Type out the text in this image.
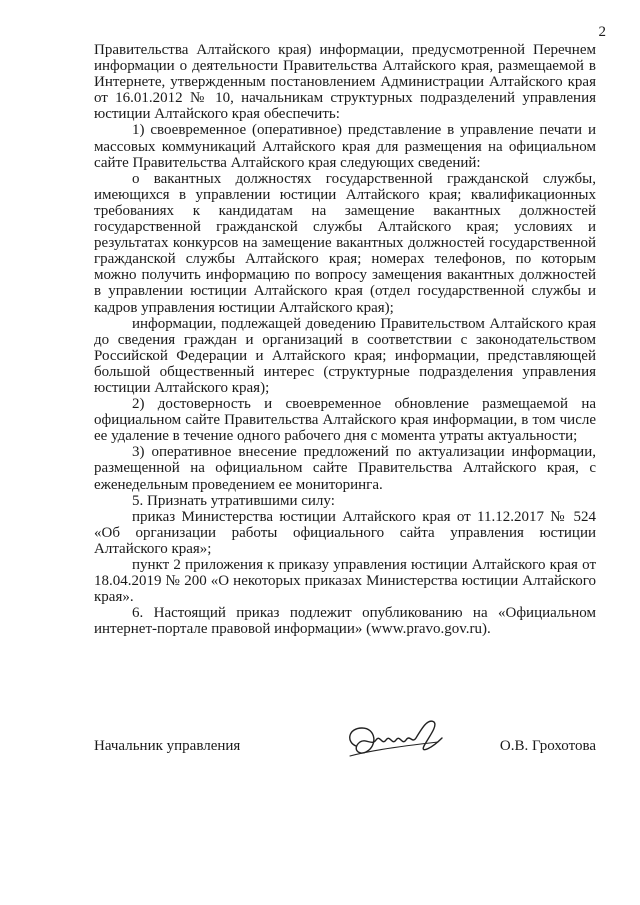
2

Правительства Алтайского края) информации, предусмотренной Перечнем информации о деятельности Правительства Алтайского края, размещаемой в Интернете, утвержденным постановлением Администрации Алтайского края от 16.01.2012 № 10, начальникам структурных подразделений управления юстиции Алтайского края обеспечить:

1) своевременное (оперативное) представление в управление печати и массовых коммуникаций Алтайского края для размещения на официальном сайте Правительства Алтайского края следующих сведений:

о вакантных должностях государственной гражданской службы, имеющихся в управлении юстиции Алтайского края; квалификационных требованиях к кандидатам на замещение вакантных должностей государственной гражданской службы Алтайского края; условиях и результатах конкурсов на замещение вакантных должностей государственной гражданской службы Алтайского края; номерах телефонов, по которым можно получить информацию по вопросу замещения вакантных должностей в управлении юстиции Алтайского края (отдел государственной службы и кадров управления юстиции Алтайского края);

информации, подлежащей доведению Правительством Алтайского края до сведения граждан и организаций в соответствии с законодательством Российской Федерации и Алтайского края; информации, представляющей большой общественный интерес (структурные подразделения управления юстиции Алтайского края);

2) достоверность и своевременное обновление размещаемой на официальном сайте Правительства Алтайского края информации, в том числе ее удаление в течение одного рабочего дня с момента утраты актуальности;

3) оперативное внесение предложений по актуализации информации, размещенной на официальном сайте Правительства Алтайского края, с еженедельным проведением ее мониторинга.

5. Признать утратившими силу:

приказ Министерства юстиции Алтайского края от 11.12.2017 № 524 «Об организации работы официального сайта управления юстиции Алтайского края»;

пункт 2 приложения к приказу управления юстиции Алтайского края от 18.04.2019 № 200 «О некоторых приказах Министерства юстиции Алтайского края».

6. Настоящий приказ подлежит опубликованию на «Официальном интернет-портале правовой информации» (www.pravo.gov.ru).

Начальник управления	О.В. Грохотова
